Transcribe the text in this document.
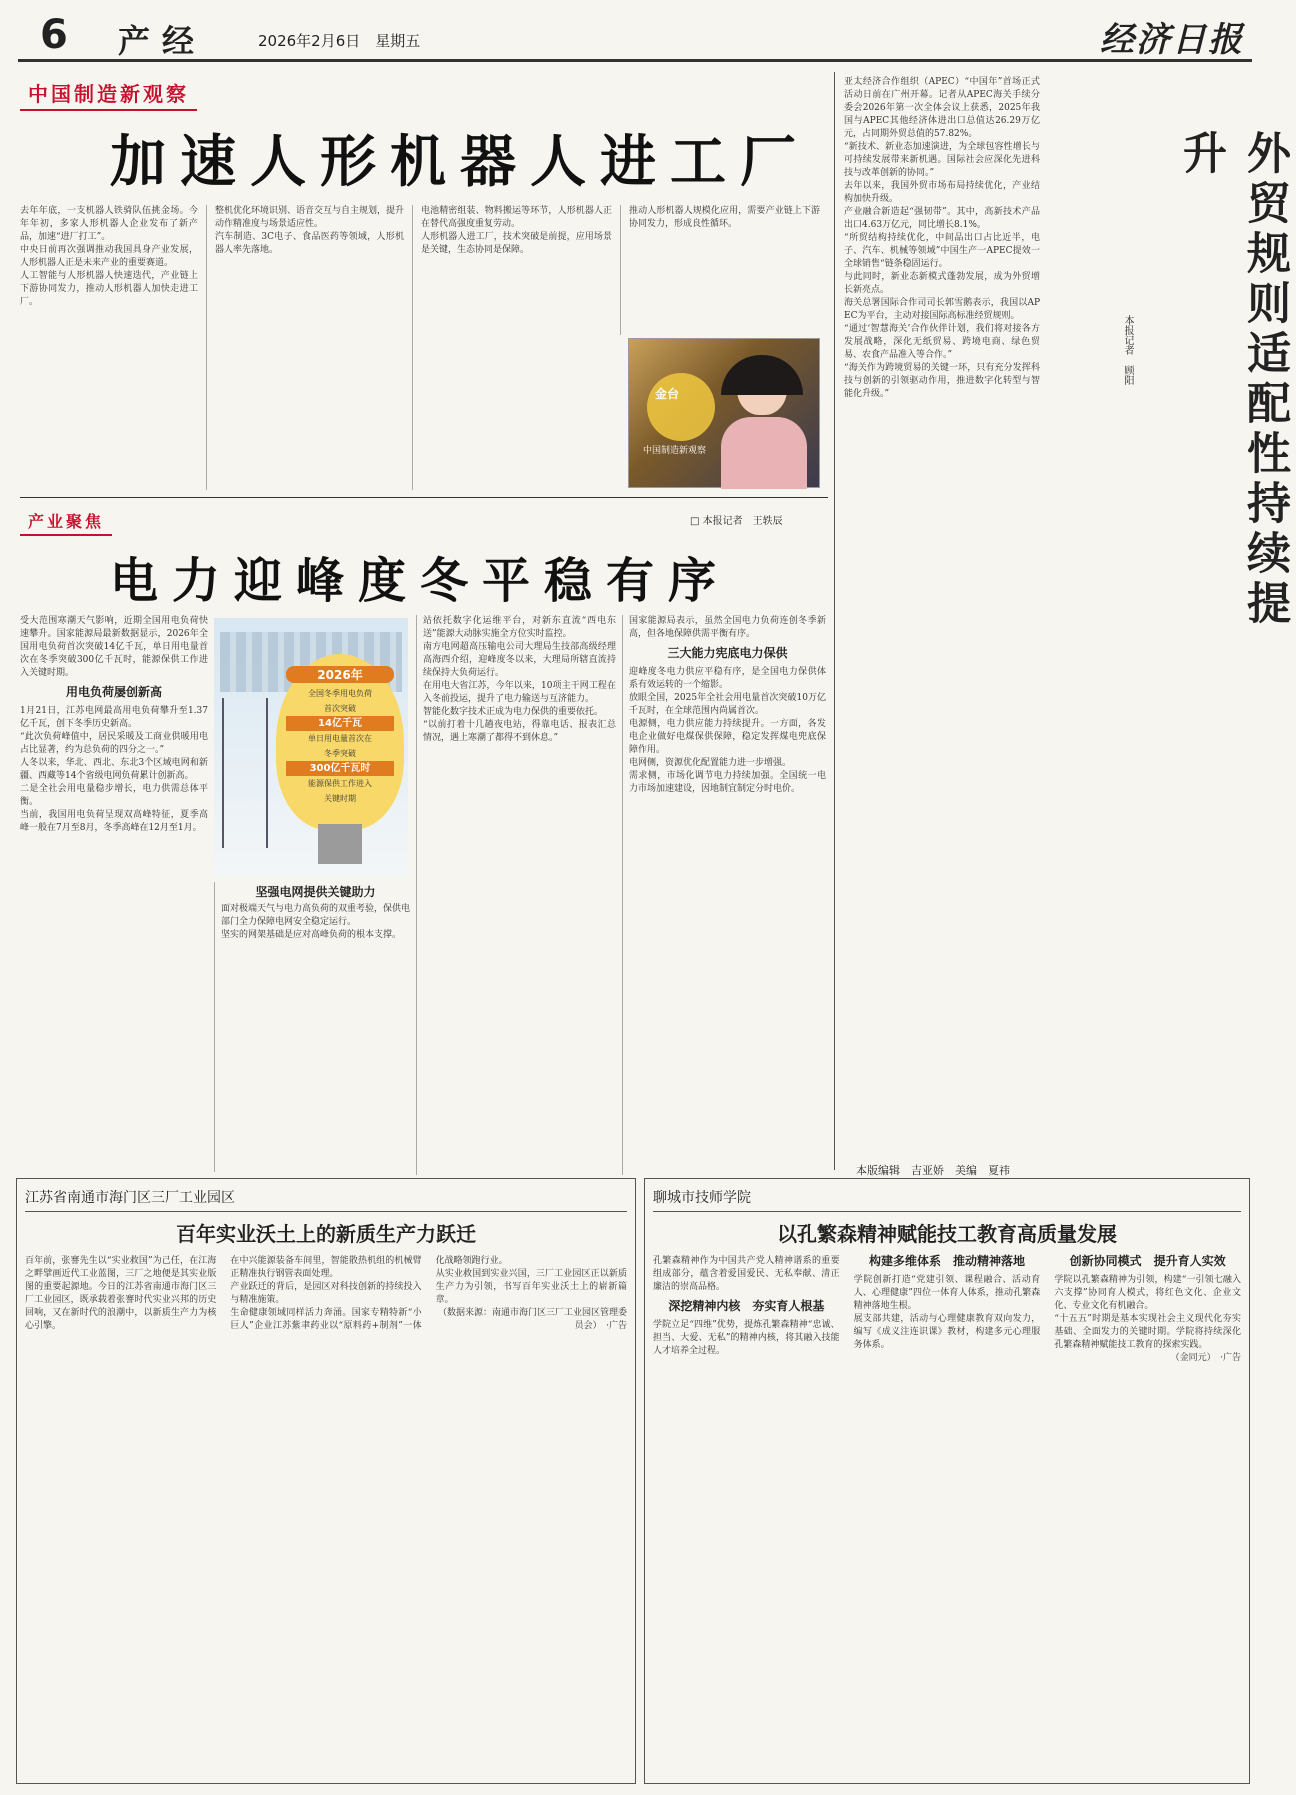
6 产经	2026年2月6日　星期五	经济日报
中国制造新观察
加速人形机器人进工厂

去年年底，一支机器人铁骑队伍挑金场。今年年初，多家人形机器人企业发布了新产品，加速“进厂打工”。

中央日前再次强调推动我国具身产业发展，人形机器人正是未来产业的重要赛道。

人工智能与人形机器人快速迭代，产业链上下游协同发力，推动人形机器人加快走进工厂。

整机优化环境识别、语音交互与自主规划，提升动作精准度与场景适应性。

汽车制造、3C电子、食品医药等领域，人形机器人率先落地。

电池精密组装、物料搬运等环节，人形机器人正在替代高强度重复劳动。

人形机器人进工厂，技术突破是前提，应用场景是关键，生态协同是保障。

推动人形机器人规模化应用，需要产业链上下游协同发力，形成良性循环。

金台
中国制造新观察
产业聚焦	□ 本报记者　王轶辰
电力迎峰度冬平稳有序
2026年
全国冬季用电负荷
首次突破
14亿千瓦
单日用电量首次在
冬季突破
300亿千瓦时
能源保供工作进入
关键时期

受大范围寒潮天气影响，近期全国用电负荷快速攀升。国家能源局最新数据显示，2026年全国用电负荷首次突破14亿千瓦，单日用电量首次在冬季突破300亿千瓦时，能源保供工作进入关键时期。

用电负荷屡创新高

1月21日，江苏电网最高用电负荷攀升至1.37亿千瓦，创下冬季历史新高。

“此次负荷峰值中，居民采暖及工商业供暖用电占比显著，约为总负荷的四分之一。”

人冬以来，华北、西北、东北3个区域电网和新疆、西藏等14个省级电网负荷累计创新高。

二是全社会用电量稳步增长，电力供需总体平衡。

当前，我国用电负荷呈现双高峰特征，夏季高峰一般在7月至8月，冬季高峰在12月至1月。

坚强电网提供关键助力

面对极端天气与电力高负荷的双重考验，保供电部门全力保障电网安全稳定运行。

坚实的网架基础是应对高峰负荷的根本支撑。

站依托数字化运维平台，对新东直流“西电东送”能源大动脉实施全方位实时监控。

南方电网超高压输电公司大理局生技部高级经理高海西介绍，迎峰度冬以来，大理局所辖直流持续保持大负荷运行。

在用电大省江苏，今年以来，10项主干网工程在入冬前投运，提升了电力输送与互济能力。

智能化数字技术正成为电力保供的重要依托。

“以前打着十几趟夜电站，得靠电话、报表汇总情况，遇上寒潮了都得不到休息。”

国家能源局表示，虽然全国电力负荷连创冬季新高，但各地保障供需平衡有序。

三大能力宪底电力保供

迎峰度冬电力供应平稳有序，是全国电力保供体系有效运转的一个缩影。

放眼全国，2025年全社会用电量首次突破10万亿千瓦时，在全球范围内尚属首次。

电源侧，电力供应能力持续提升。一方面，各发电企业做好电煤保供保障，稳定发挥煤电兜底保障作用。

电网侧，资源优化配置能力进一步增强。

需求侧，市场化调节电力持续加强。全国统一电力市场加速建设，因地制宜制定分时电价。

亚太经济合作组织（APEC）“中国年”首场正式活动日前在广州开幕。记者从APEC海关手续分委会2026年第一次全体会议上获悉，2025年我国与APEC其他经济体进出口总值达26.29万亿元，占同期外贸总值的57.82%。

“新技术、新业态加速演进，为全球包容性增长与可持续发展带来新机遇。国际社会应深化先进科技与改革创新的协同。”

去年以来，我国外贸市场布局持续优化，产业结构加快升级。

产业融合新造起“强韧带”。其中，高新技术产品出口4.63万亿元，同比增长8.1%。

“所贸结构持续优化，中间品出口占比近半，电子、汽车、机械等领域”中国生产一APEC提效一全球销售“链条稳固运行。

与此同时，新业态新模式蓬勃发展，成为外贸增长新亮点。

海关总署国际合作司司长郭雪鹅表示，我国以APEC为平台，主动对接国际高标准经贸规则。

“通过‘智慧海关’合作伙伴计划，我们将对接各方发展战略，深化无纸贸易、跨境电商、绿色贸易、农食产品准入等合作。”

“海关作为跨境贸易的关键一环，只有充分发挥科技与创新的引领驱动作用，推进数字化转型与智能化升级。”	外贸规则适配性持续提升
本报记者　顾阳
本版编辑　吉亚娇　美编　夏祎
江苏省南通市海门区三厂工业园区
百年实业沃土上的新质生产力跃迁

百年前，张謇先生以“实业救国”为己任，在江海之畔擘画近代工业蓝图，三厂之地便是其实业版图的重要起源地。今日的江苏省南通市海门区三厂工业园区，既承载着张謇时代实业兴邦的历史回响，又在新时代的浪潮中，以新质生产力为核心引擎。

在中兴能源装备车间里，智能散热机组的机械臂正精准执行钢管表面处理。

产业跃迁的背后，是园区对科技创新的持续投入与精准施策。

生命健康领域同样活力奔涌。国家专精特新“小巨人”企业江苏紫聿药业以“原料药+制剂”一体化战略领跑行业。

从实业救国到实业兴国，三厂工业园区正以新质生产力为引领，书写百年实业沃土上的崭新篇章。

（数据来源：南通市海门区三厂工业园区管理委员会）　·广告

聊城市技师学院
以孔繁森精神赋能技工教育高质量发展

孔繁森精神作为中国共产党人精神谱系的重要组成部分，蕴含着爱国爱民、无私奉献、清正廉洁的崇高品格。

深挖精神内核　夯实育人根基

学院立足“四维”优势，提炼孔繁森精神“忠诚、担当、大爱、无私”的精神内核，将其融入技能人才培养全过程。

构建多维体系　推动精神落地

学院创新打造“党建引领、课程融合、活动育人、心理健康”四位一体育人体系，推动孔繁森精神落地生根。

展支部共建，活动与心理健康教育双向发力，编写《成义注连识课》教材，构建多元心理服务体系。

创新协同模式　提升育人实效

学院以孔繁森精神为引领，构建“一引领七融入六支撑”协同育人模式，将红色文化、企业文化、专业文化有机融合。

“十五五”时期是基本实现社会主义现代化夯实基础、全面发力的关键时期。学院将持续深化孔繁森精神赋能技工教育的探索实践。

（金同元）　·广告
